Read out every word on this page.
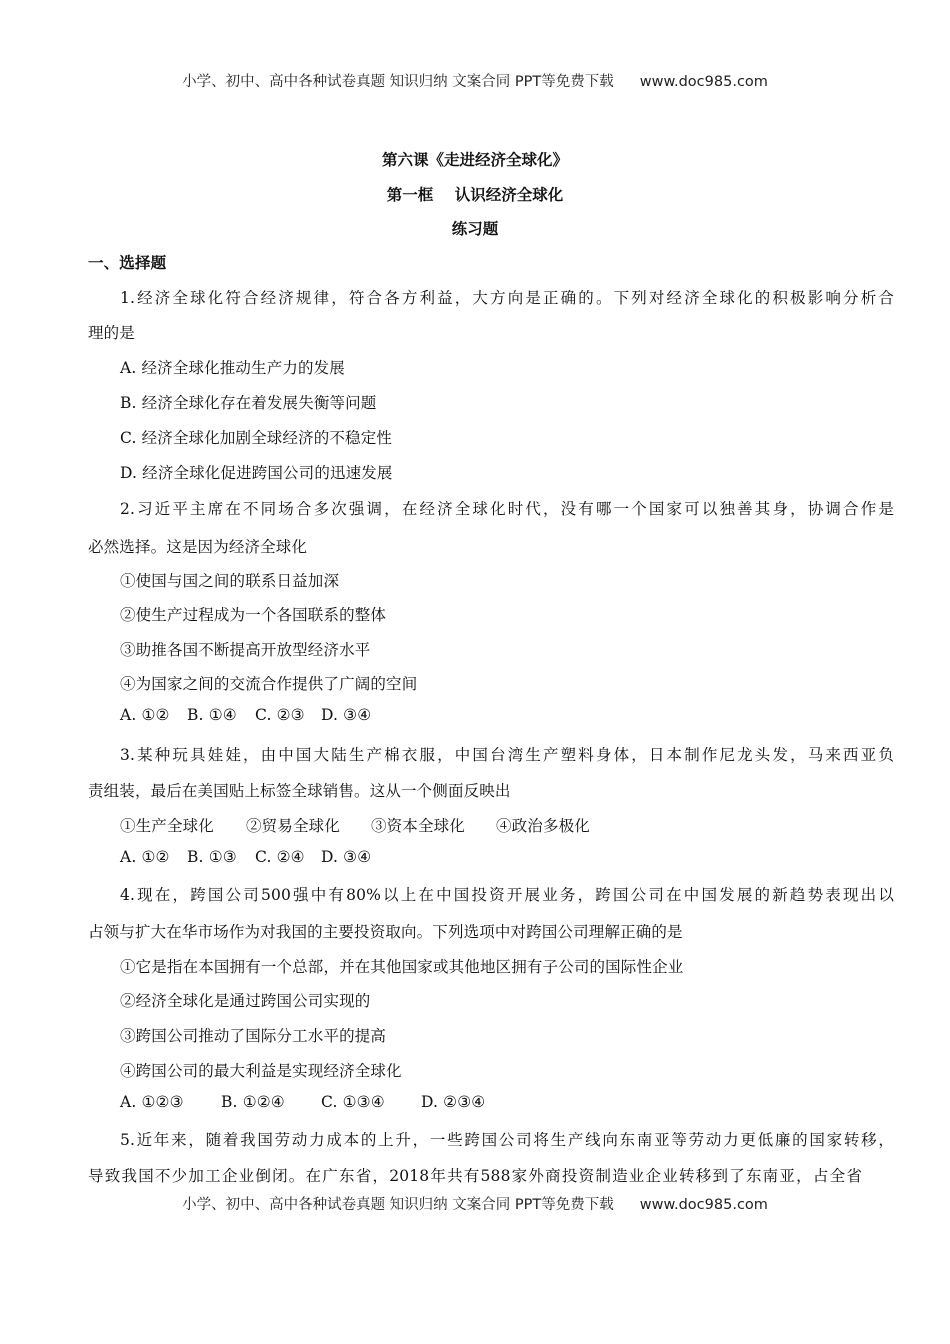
小学、初中、高中各种试卷真题 知识归纳 文案合同 PPT等免费下载 www.doc985.com
第六课《走进经济全球化》
第一框    认识经济全球化
练习题
一、选择题
1.经济全球化符合经济规律，符合各方利益，大方向是正确的。下列对经济全球化的积极影响分析合
理的是
A. 经济全球化推动生产力的发展
B. 经济全球化存在着发展失衡等问题
C. 经济全球化加剧全球经济的不稳定性
D. 经济全球化促进跨国公司的迅速发展
2.习近平主席在不同场合多次强调，在经济全球化时代，没有哪一个国家可以独善其身，协调合作是
必然选择。这是因为经济全球化
①使国与国之间的联系日益加深
②使生产过程成为一个各国联系的整体
③助推各国不断提高开放型经济水平
④为国家之间的交流合作提供了广阔的空间
A. ①② B. ①④ C. ②③ D. ③④
3.某种玩具娃娃，由中国大陆生产棉衣服，中国台湾生产塑料身体，日本制作尼龙头发，马来西亚负
责组装，最后在美国贴上标签全球销售。这从一个侧面反映出
①生产全球化 ②贸易全球化 ③资本全球化 ④政治多极化
A. ①② B. ①③ C. ②④ D. ③④
4.现在，跨国公司500强中有80%以上在中国投资开展业务，跨国公司在中国发展的新趋势表现出以
占领与扩大在华市场作为对我国的主要投资取向。下列选项中对跨国公司理解正确的是
①它是指在本国拥有一个总部，并在其他国家或其他地区拥有子公司的国际性企业
②经济全球化是通过跨国公司实现的
③跨国公司推动了国际分工水平的提高
④跨国公司的最大利益是实现经济全球化
A. ①②③ B. ①②④ C. ①③④ D. ②③④
5.近年来，随着我国劳动力成本的上升，一些跨国公司将生产线向东南亚等劳动力更低廉的国家转移，
导致我国不少加工企业倒闭。在广东省，2018年共有588家外商投资制造业企业转移到了东南亚，占全省
小学、初中、高中各种试卷真题 知识归纳 文案合同 PPT等免费下载 www.doc985.com
